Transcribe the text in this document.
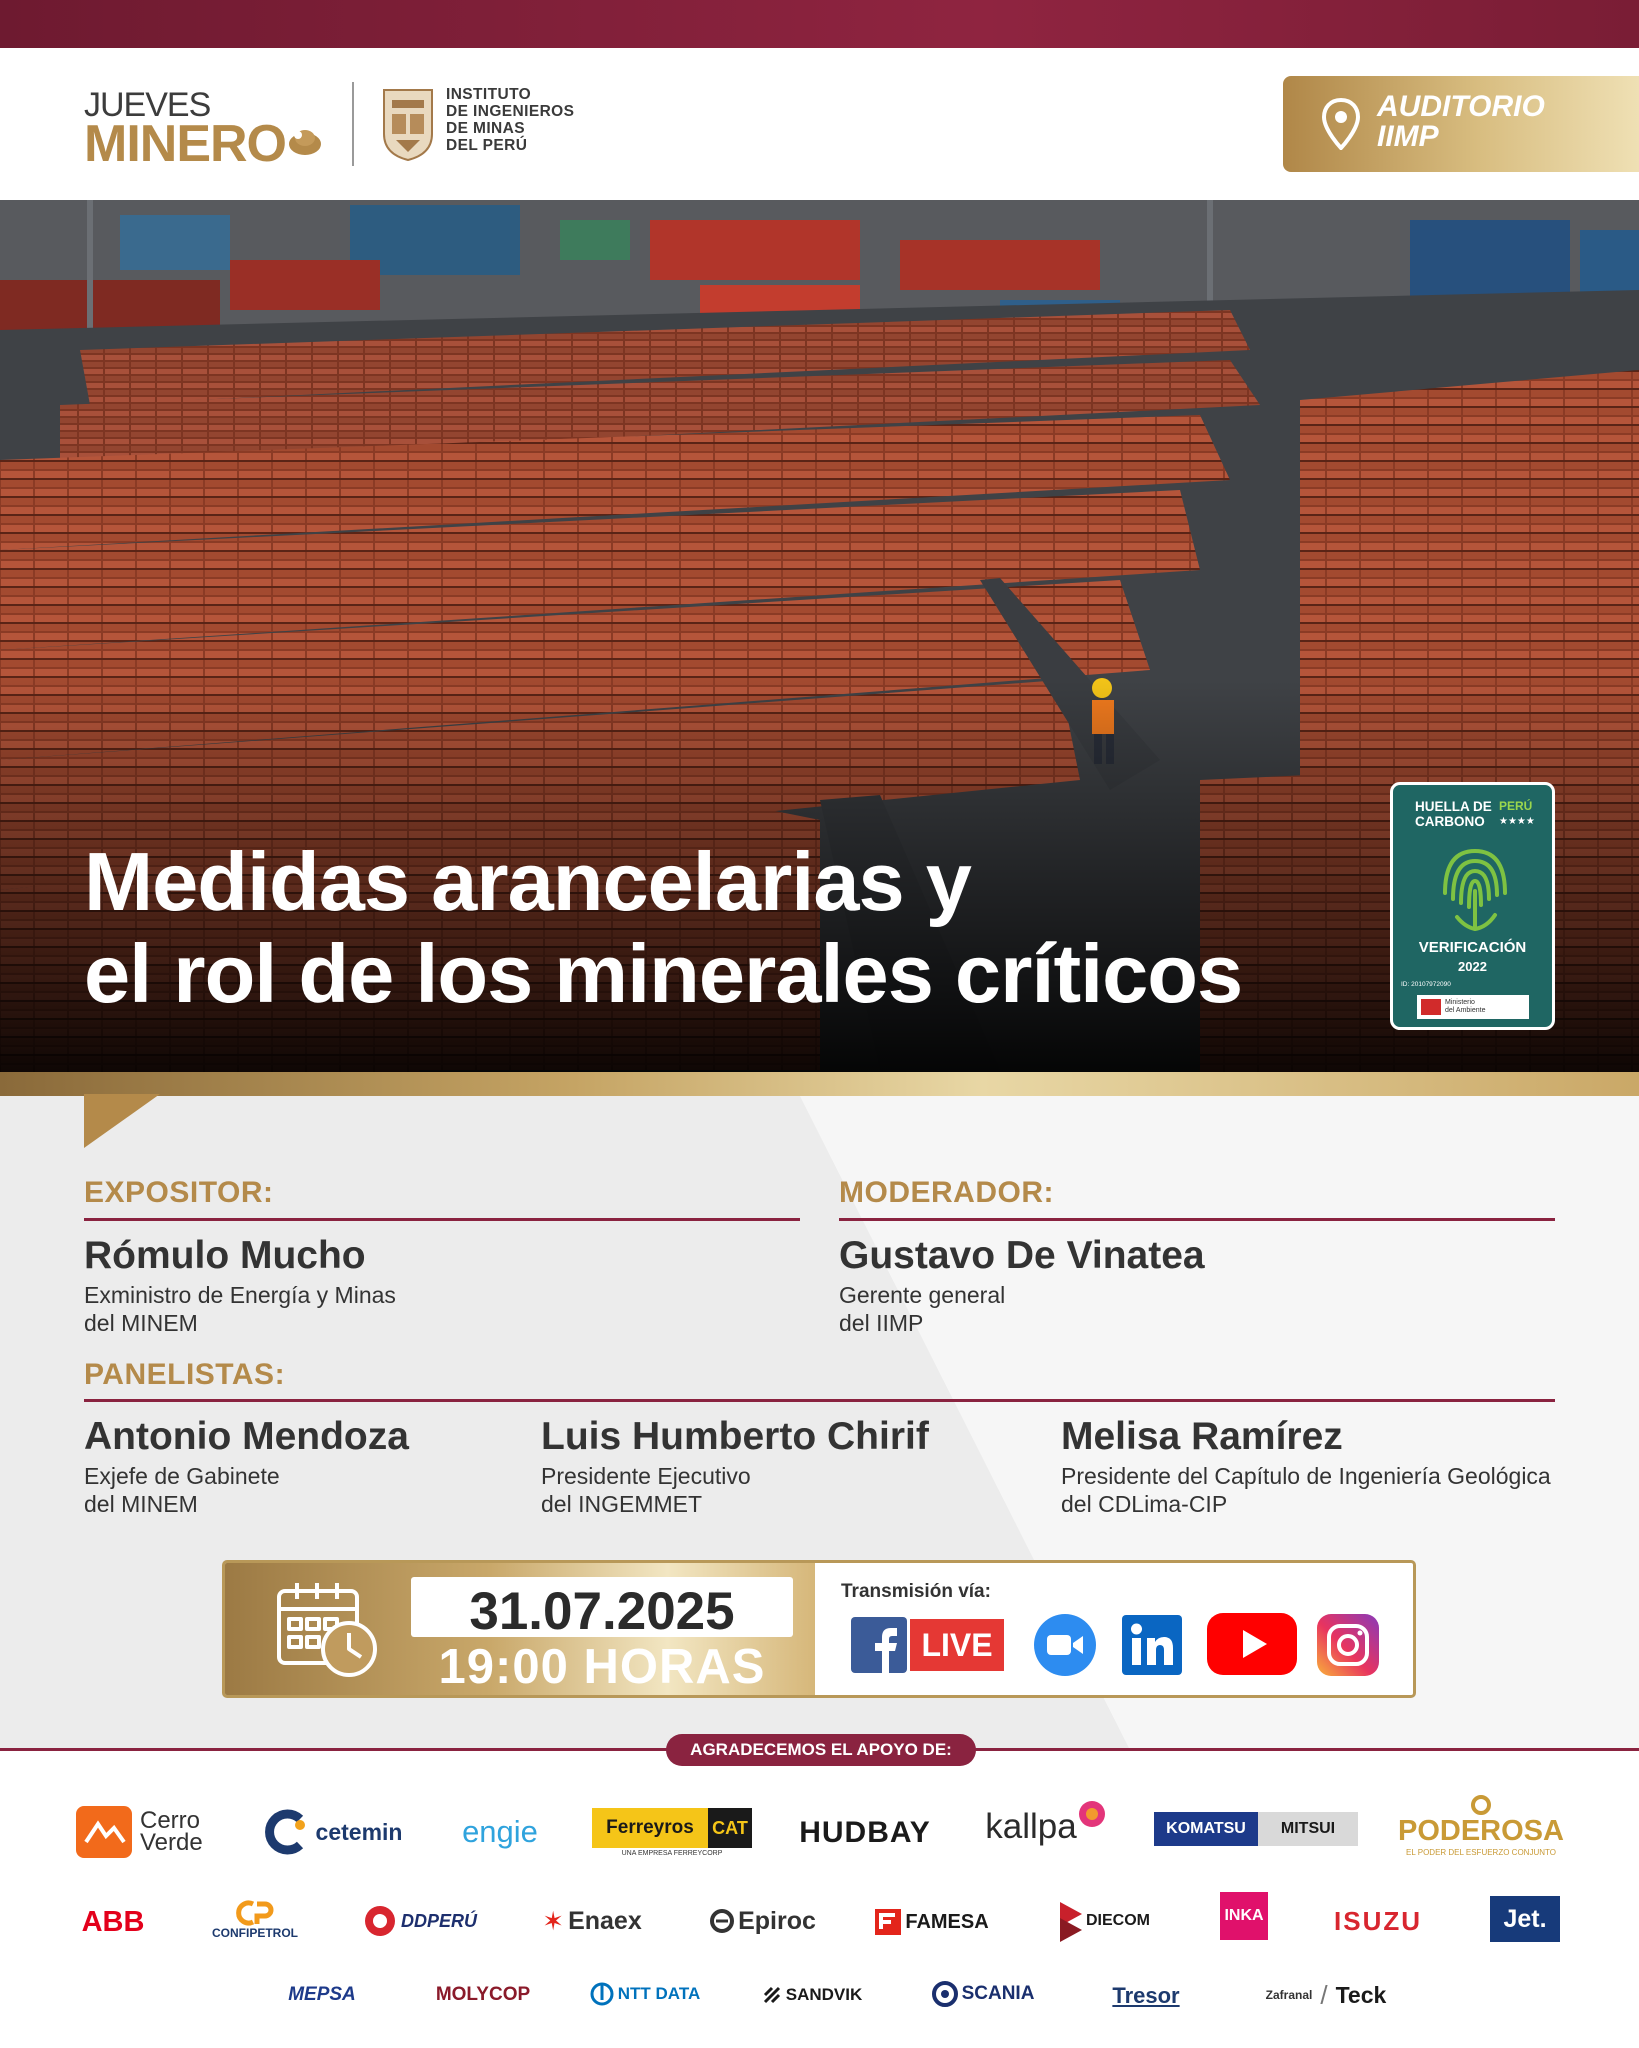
JUEVES
MINERO
INSTITUTO
DE INGENIEROS
DE MINAS
DEL PERÚ
AUDITORIO
IIMP
Medidas arancelarias y
el rol de los minerales críticos
HUELLA DE
CARBONO
PERÚ
★★★★
VERIFICACIÓN
2022
ID: 20107972090
Ministerio
del Ambiente
EXPOSITOR:
Rómulo Mucho
Exministro de Energía y Minas
del MINEM
MODERADOR:
Gustavo De Vinatea
Gerente general
del IIMP
PANELISTAS:
Antonio Mendoza
Exjefe de Gabinete
del MINEM
Luis Humberto Chirif
Presidente Ejecutivo
del INGEMMET
Melisa Ramírez
Presidente del Capítulo de Ingeniería Geológica
del CDLima-CIP
31.07.2025
19:00 HORAS
Transmisión vía:
LIVE
AGRADECEMOS EL APOYO DE:
Cerro
Verde	cetemin	engie	Ferreyros	CAT
UNA EMPRESA FERREYCORP
HUDBAY kallpa	KOMATSU	MITSUI	PODEROSA
EL PODER DEL ESFUERZO CONJUNTO
ABB	CONFIPETROL
DDPERÚ	✶ Enaex	Epiroc	FAMESA	DIECOM	INKA	ISUZU	Jet.
MEPSA	MOLYCOP	NTT DATA	SANDVIK	SCANIA	Tresor	Zafranal / Teck
